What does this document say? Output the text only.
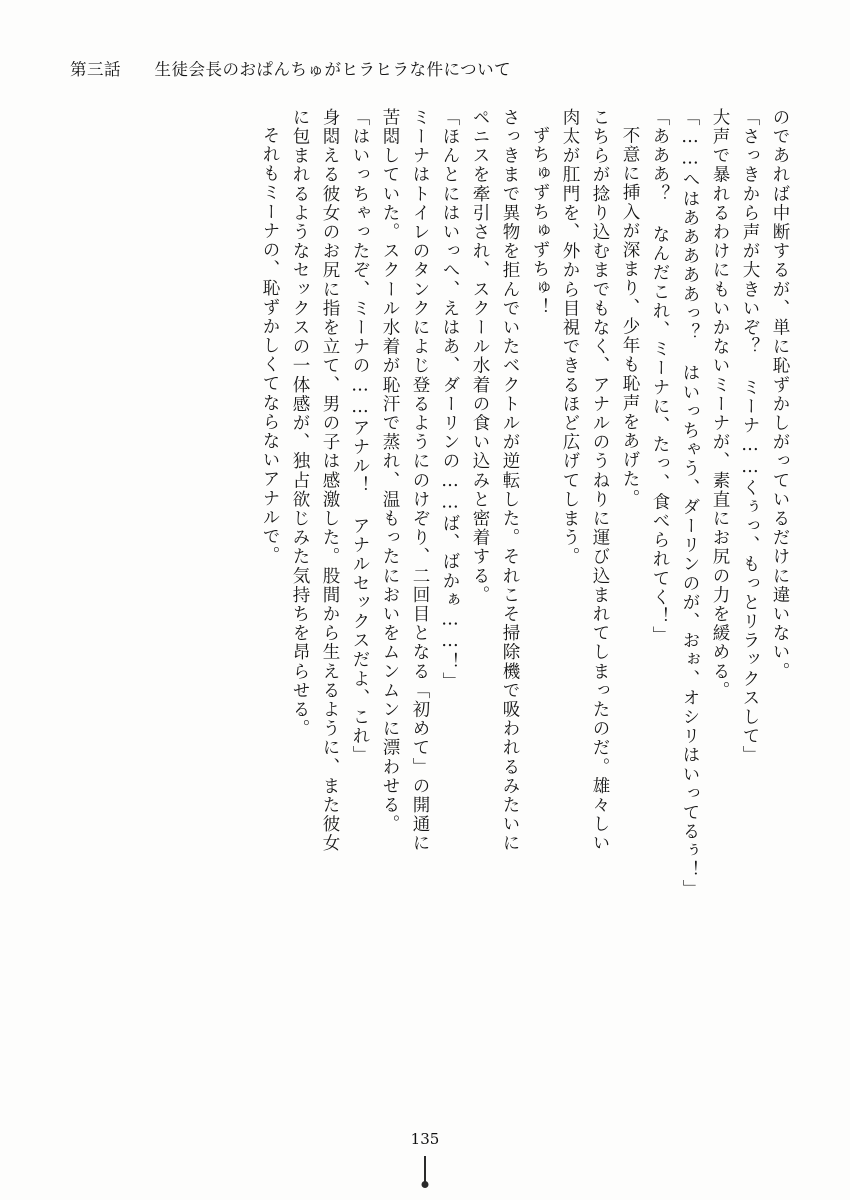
第三話 生徒会長のおぱんちゅがヒラヒラな件について
のであれば中断するが、単に恥ずかしがっているだけに違いない。
「さっきから声が大きいぞ？ ミーナ……くぅっ、もっとリラックスして」
大声で暴れるわけにもいかないミーナが、素直にお尻の力を緩める。
「……へはあああああっ？ はいっちゃう、ダーリンのが、おぉ、オシリはいってるぅ！」
「あああ？ なんだこれ、ミーナに、たっ、食べられてく！」
不意に挿入が深まり、少年も恥声をあげた。
こちらが捻り込むまでもなく、アナルのうねりに運び込まれてしまったのだ。雄々しい
肉太が肛門を、外から目視できるほど広げてしまう。
ずちゅずちゅずちゅ！
さっきまで異物を拒んでいたベクトルが逆転した。それこそ掃除機で吸われるみたいに
ペニスを牽引され、スクール水着の食い込みと密着する。
「ほんとにはいっへ、えはあ、ダーリンの……ば、ばかぁ……！」
ミーナはトイレのタンクによじ登るようにのけぞり、二回目となる「初めて」の開通に
苦悶していた。スクール水着が恥汗で蒸れ、温もったにおいをムンムンに漂わせる。
「はいっちゃったぞ、ミーナの……アナル！ アナルセックスだよ、これ」
身悶える彼女のお尻に指を立て、男の子は感激した。股間から生えるように、また彼女
に包まれるようなセックスの一体感が、独占欲じみた気持ちを昂らせる。
それもミーナの、恥ずかしくてならないアナルで。
135
